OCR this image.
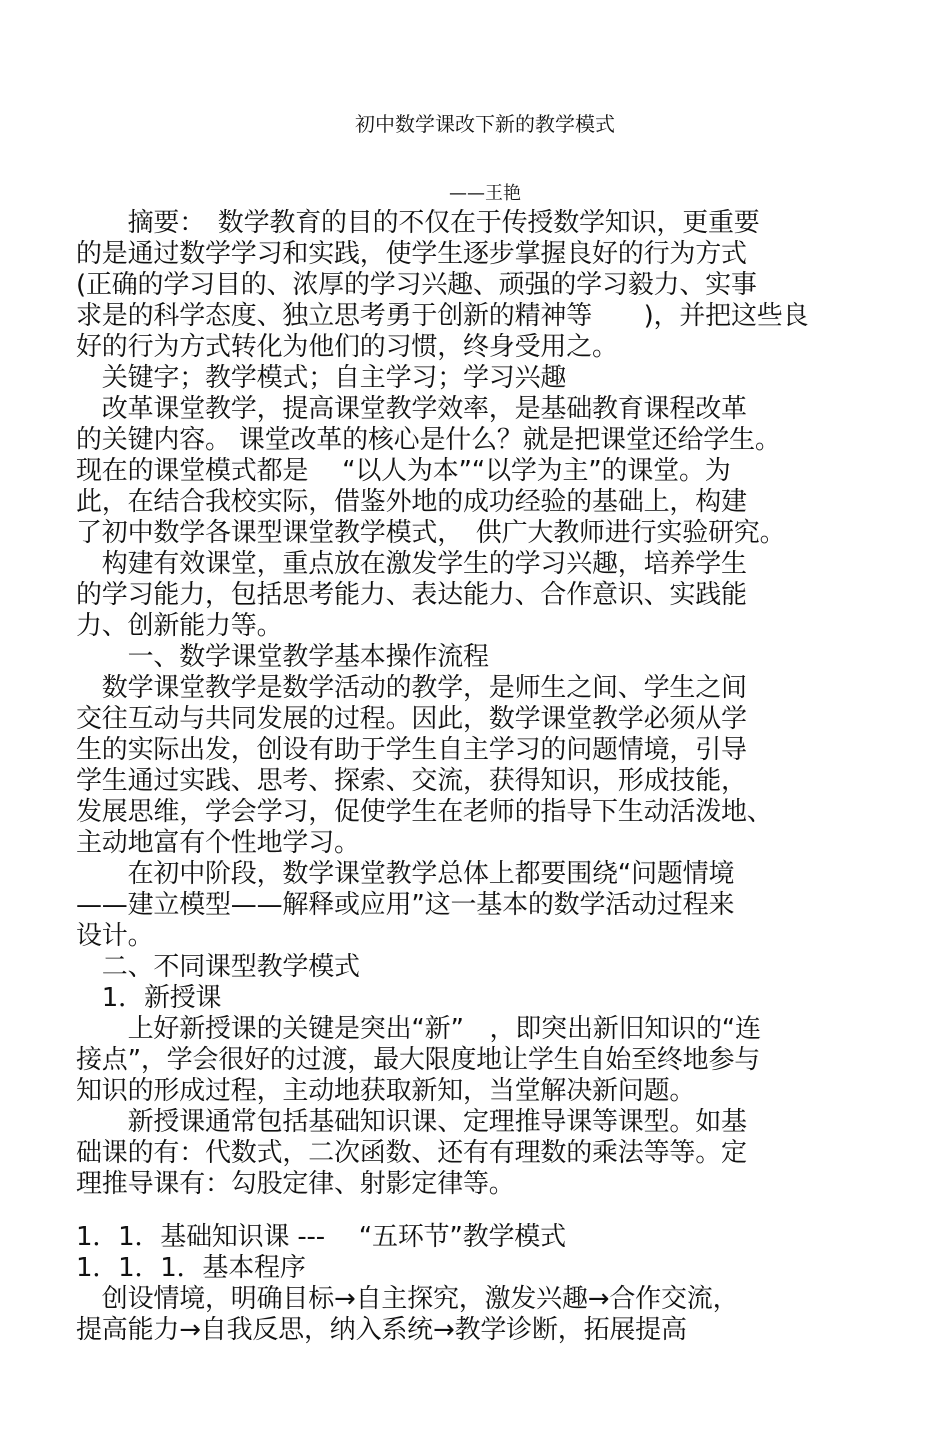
初中数学课改下新的教学模式
——王艳
　　摘要：　数学教育的目的不仅在于传授数学知识，更重要
的是通过数学学习和实践，使学生逐步掌握良好的行为方式
(正确的学习目的、浓厚的学习兴趣、顽强的学习毅力、实事
求是的科学态度、独立思考勇于创新的精神等　　)，并把这些良
好的行为方式转化为他们的习惯，终身受用之。
　关键字；教学模式；自主学习；学习兴趣
　改革课堂教学，提高课堂教学效率，是基础教育课程改革
的关键内容。 课堂改革的核心是什么？就是把课堂还给学生。
现在的课堂模式都是　 “以人为本”“以学为主”的课堂。为
此，在结合我校实际，借鉴外地的成功经验的基础上，构建
了初中数学各课型课堂教学模式，　供广大教师进行实验研究。
　构建有效课堂，重点放在激发学生的学习兴趣，培养学生
的学习能力，包括思考能力、表达能力、合作意识、实践能
力、创新能力等。
　　一、数学课堂教学基本操作流程
　数学课堂教学是数学活动的教学，是师生之间、学生之间
交往互动与共同发展的过程。因此，数学课堂教学必须从学
生的实际出发，创设有助于学生自主学习的问题情境，引导
学生通过实践、思考、探索、交流，获得知识，形成技能，
发展思维，学会学习，促使学生在老师的指导下生动活泼地、
主动地富有个性地学习。
　　在初中阶段，数学课堂教学总体上都要围绕“问题情境
——建立模型——解释或应用”这一基本的数学活动过程来
设计。
　二、不同课型教学模式
　1．新授课
　　上好新授课的关键是突出“新”　，即突出新旧知识的“连
接点”，学会很好的过渡，最大限度地让学生自始至终地参与
知识的形成过程，主动地获取新知，当堂解决新问题。
　　新授课通常包括基础知识课、定理推导课等课型。如基
础课的有：代数式，二次函数、还有有理数的乘法等等。定
理推导课有：勾股定律、射影定律等。
1．1．基础知识课 ---　 “五环节”教学模式
1．1．1．基本程序
　创设情境，明确目标→自主探究，激发兴趣→合作交流，
提高能力→自我反思，纳入系统→教学诊断，拓展提高
